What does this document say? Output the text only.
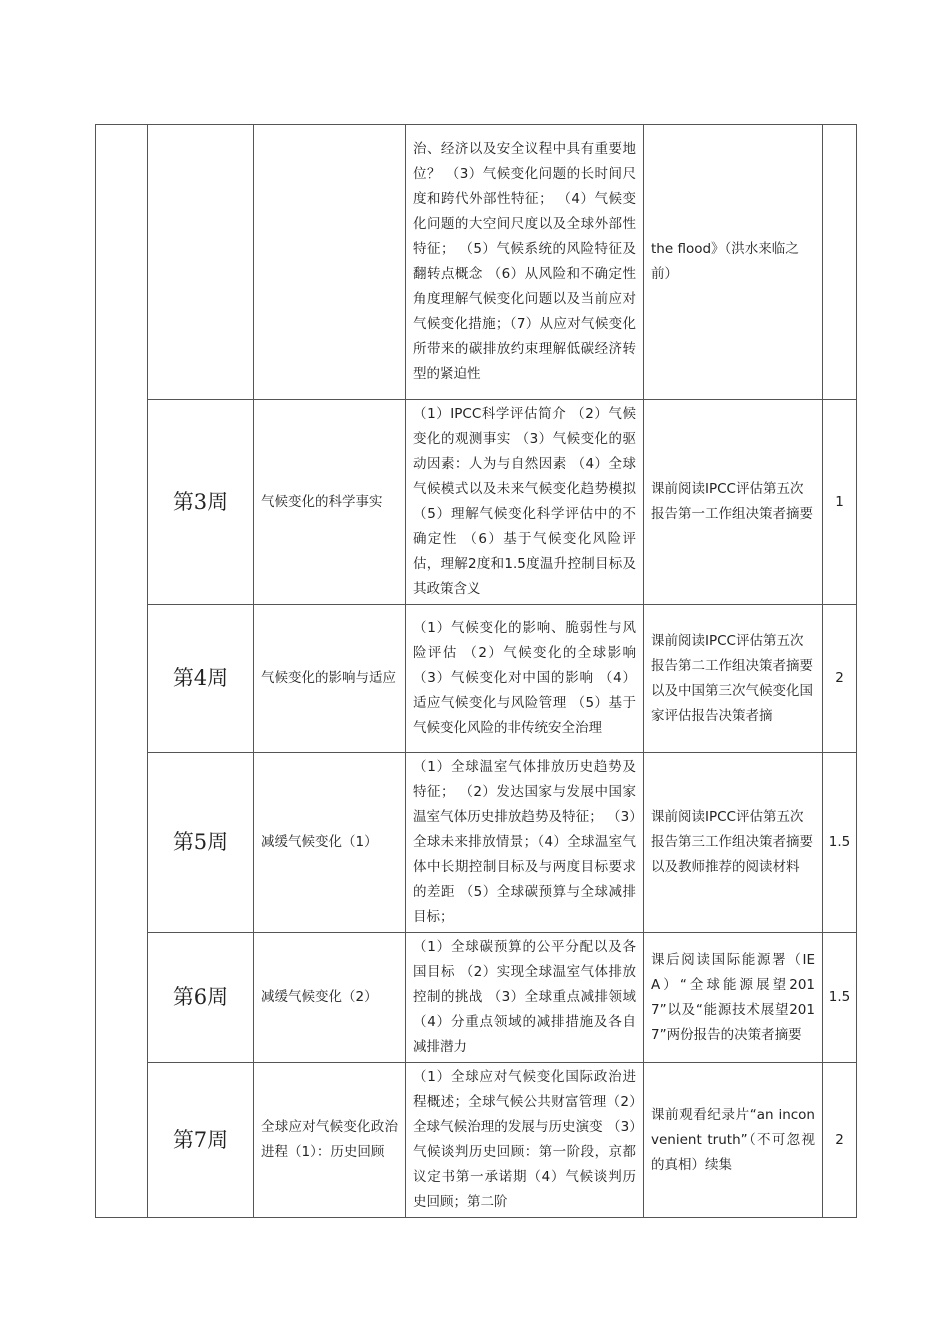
			治、经济以及安全议程中具有重要地位？ （3）气候变化问题的长时间尺度和跨代外部性特征； （4）气候变化问题的大空间尺度以及全球外部性特征； （5）气候系统的风险特征及翻转点概念 （6）从风险和不确定性角度理解气候变化问题以及当前应对气候变化措施；（7）从应对气候变化所带来的碳排放约束理解低碳经济转型的紧迫性	the flood》（洪水来临之前）	
	第3周	气候变化的科学事实	（1）IPCC科学评估简介 （2）气候变化的观测事实 （3）气候变化的驱动因素：人为与自然因素 （4）全球气候模式以及未来气候变化趋势模拟 （5）理解气候变化科学评估中的不确定性 （6）基于气候变化风险评估，理解2度和1.5度温升控制目标及其政策含义	课前阅读IPCC评估第五次报告第一工作组决策者摘要	1
	第4周	气候变化的影响与适应	（1）气候变化的影响、脆弱性与风险评估 （2）气候变化的全球影响 （3）气候变化对中国的影响 （4）适应气候变化与风险管理 （5）基于气候变化风险的非传统安全治理	课前阅读IPCC评估第五次报告第二工作组决策者摘要以及中国第三次气候变化国家评估报告决策者摘	2
	第5周	减缓气候变化（1）	（1）全球温室气体排放历史趋势及特征； （2）发达国家与发展中国家温室气体历史排放趋势及特征； （3）全球未来排放情景；（4）全球温室气体中长期控制目标及与两度目标要求的差距 （5）全球碳预算与全球减排目标；	课前阅读IPCC评估第五次报告第三工作组决策者摘要以及教师推荐的阅读材料	1.5
	第6周	减缓气候变化（2）	（1）全球碳预算的公平分配以及各国目标 （2）实现全球温室气体排放控制的挑战 （3）全球重点减排领域 （4）分重点领域的减排措施及各自减排潜力	课后阅读国际能源署（IEA）“全球能源展望2017”以及“能源技术展望2017”两份报告的决策者摘要	1.5
	第7周	全球应对气候变化政治进程（1）：历史回顾	（1）全球应对气候变化国际政治进程概述；全球气候公共财富管理（2）全球气候治理的发展与历史演变 （3）气候谈判历史回顾：第一阶段，京都议定书第一承诺期（4）气候谈判历史回顾；第二阶	课前观看纪录片“an inconvenient truth”（不可忽视的真相）续集	2
